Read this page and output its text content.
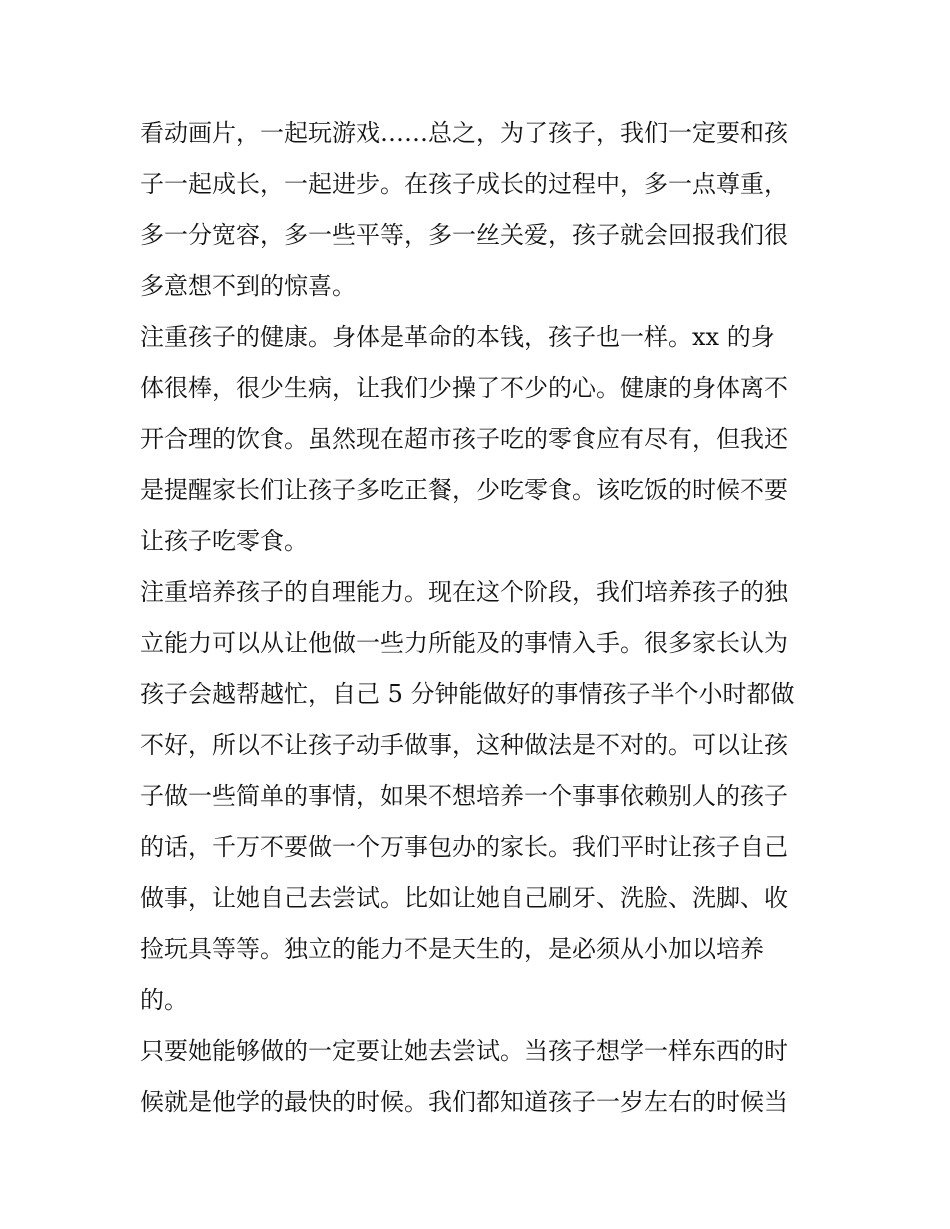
看动画片，一起玩游戏……总之，为了孩子，我们一定要和孩
子一起成长，一起进步。在孩子成长的过程中，多一点尊重，
多一分宽容，多一些平等，多一丝关爱，孩子就会回报我们很
多意想不到的惊喜。
注重孩子的健康。身体是革命的本钱，孩子也一样。xx 的身
体很棒，很少生病，让我们少操了不少的心。健康的身体离不
开合理的饮食。虽然现在超市孩子吃的零食应有尽有，但我还
是提醒家长们让孩子多吃正餐，少吃零食。该吃饭的时候不要
让孩子吃零食。
注重培养孩子的自理能力。现在这个阶段，我们培养孩子的独
立能力可以从让他做一些力所能及的事情入手。很多家长认为
孩子会越帮越忙，自己 5 分钟能做好的事情孩子半个小时都做
不好，所以不让孩子动手做事，这种做法是不对的。可以让孩
子做一些简单的事情，如果不想培养一个事事依赖别人的孩子
的话，千万不要做一个万事包办的家长。我们平时让孩子自己
做事，让她自己去尝试。比如让她自己刷牙、洗脸、洗脚、收
捡玩具等等。独立的能力不是天生的，是必须从小加以培养
的。
只要她能够做的一定要让她去尝试。当孩子想学一样东西的时
候就是他学的最快的时候。我们都知道孩子一岁左右的时候当
